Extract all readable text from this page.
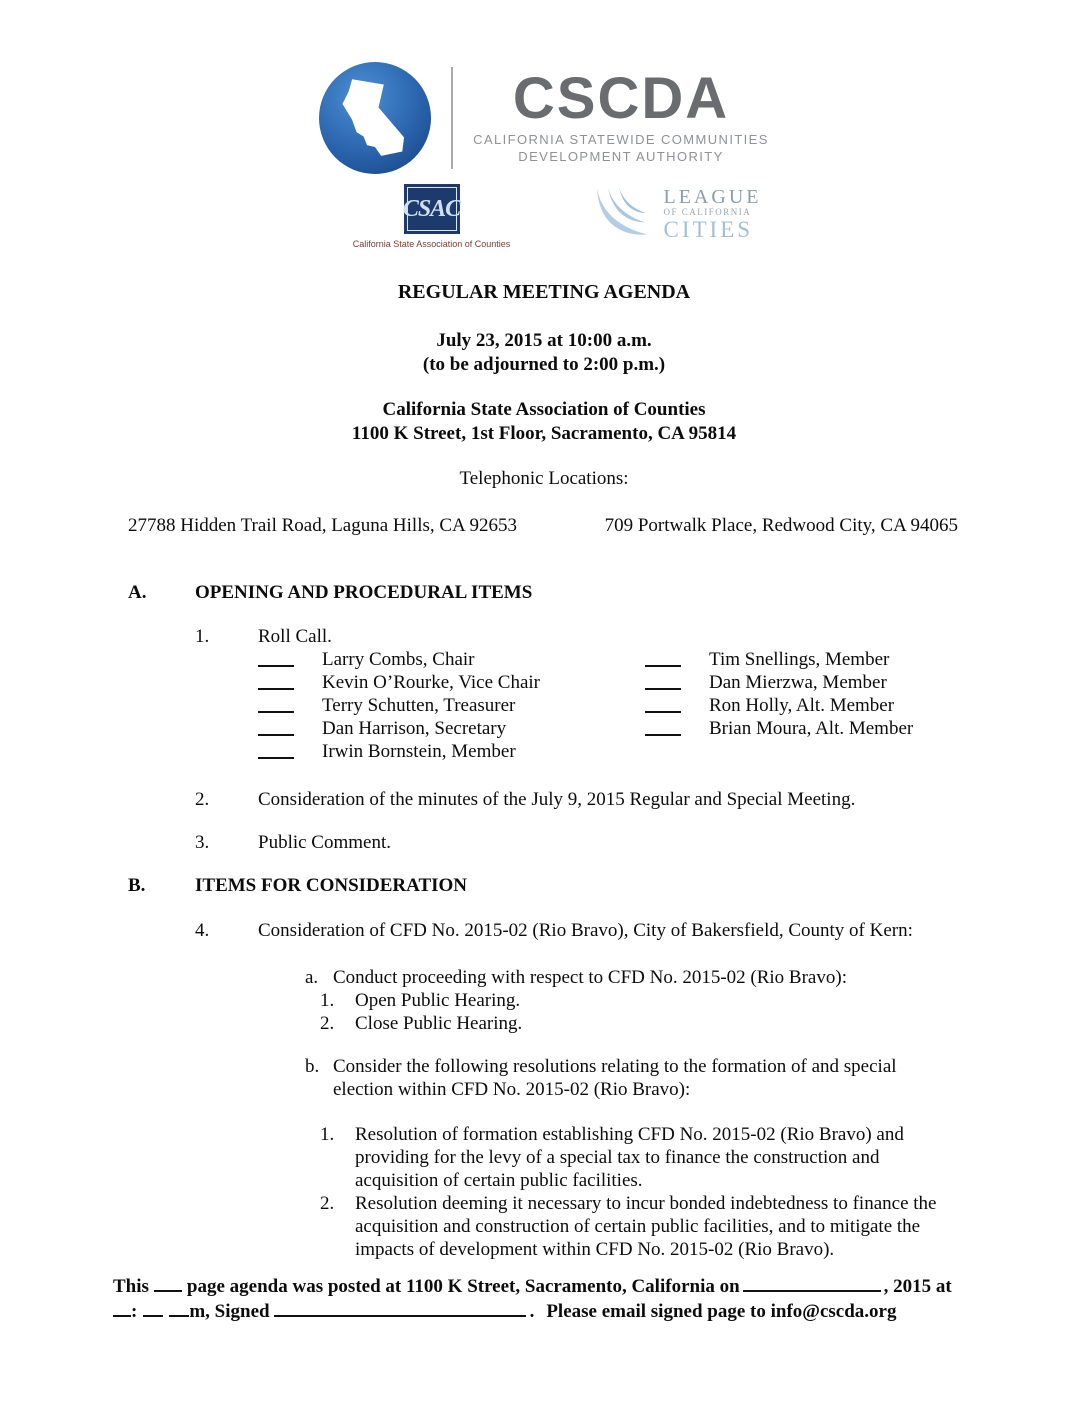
CSCDA
CALIFORNIA STATEWIDE COMMUNITIES
DEVELOPMENT AUTHORITY
CSAC
California State Association of Counties
LEAGUE
OF CALIFORNIA
CITIES
REGULAR MEETING AGENDA
July 23, 2015 at 10:00 a.m.
(to be adjourned to 2:00 p.m.)
California State Association of Counties
1100 K Street, 1st Floor, Sacramento, CA 95814
Telephonic Locations:
27788 Hidden Trail Road, Laguna Hills, CA 92653	709 Portwalk Place, Redwood City, CA 94065
A.	OPENING AND PROCEDURAL ITEMS
1.	Roll Call.
Larry Combs, Chair	Tim Snellings, Member
Kevin O’Rourke, Vice Chair	Dan Mierzwa, Member
Terry Schutten, Treasurer	Ron Holly, Alt. Member
Dan Harrison, Secretary	Brian Moura, Alt. Member
Irwin Bornstein, Member
2.	Consideration of the minutes of the July 9, 2015 Regular and Special Meeting.
3.	Public Comment.
B.	ITEMS FOR CONSIDERATION
4.	Consideration of CFD No. 2015-02 (Rio Bravo), City of Bakersfield, County of Kern:
a. Conduct proceeding with respect to CFD No. 2015-02 (Rio Bravo):
1.	Open Public Hearing.
2.	Close Public Hearing.
b. Consider the following resolutions relating to the formation of and special election within CFD No. 2015-02 (Rio Bravo):
1.	Resolution of formation establishing CFD No. 2015-02 (Rio Bravo) and providing for the levy of a special tax to finance the construction and acquisition of certain public facilities.
2.	Resolution deeming it necessary to incur bonded indebtedness to finance the acquisition and construction of certain public facilities, and to mitigate the impacts of development within CFD No. 2015-02 (Rio Bravo).
This page agenda was posted at 1100 K Street, Sacramento, California on	, 2015 at :	m, Signed	. Please email signed page to info@cscda.org
